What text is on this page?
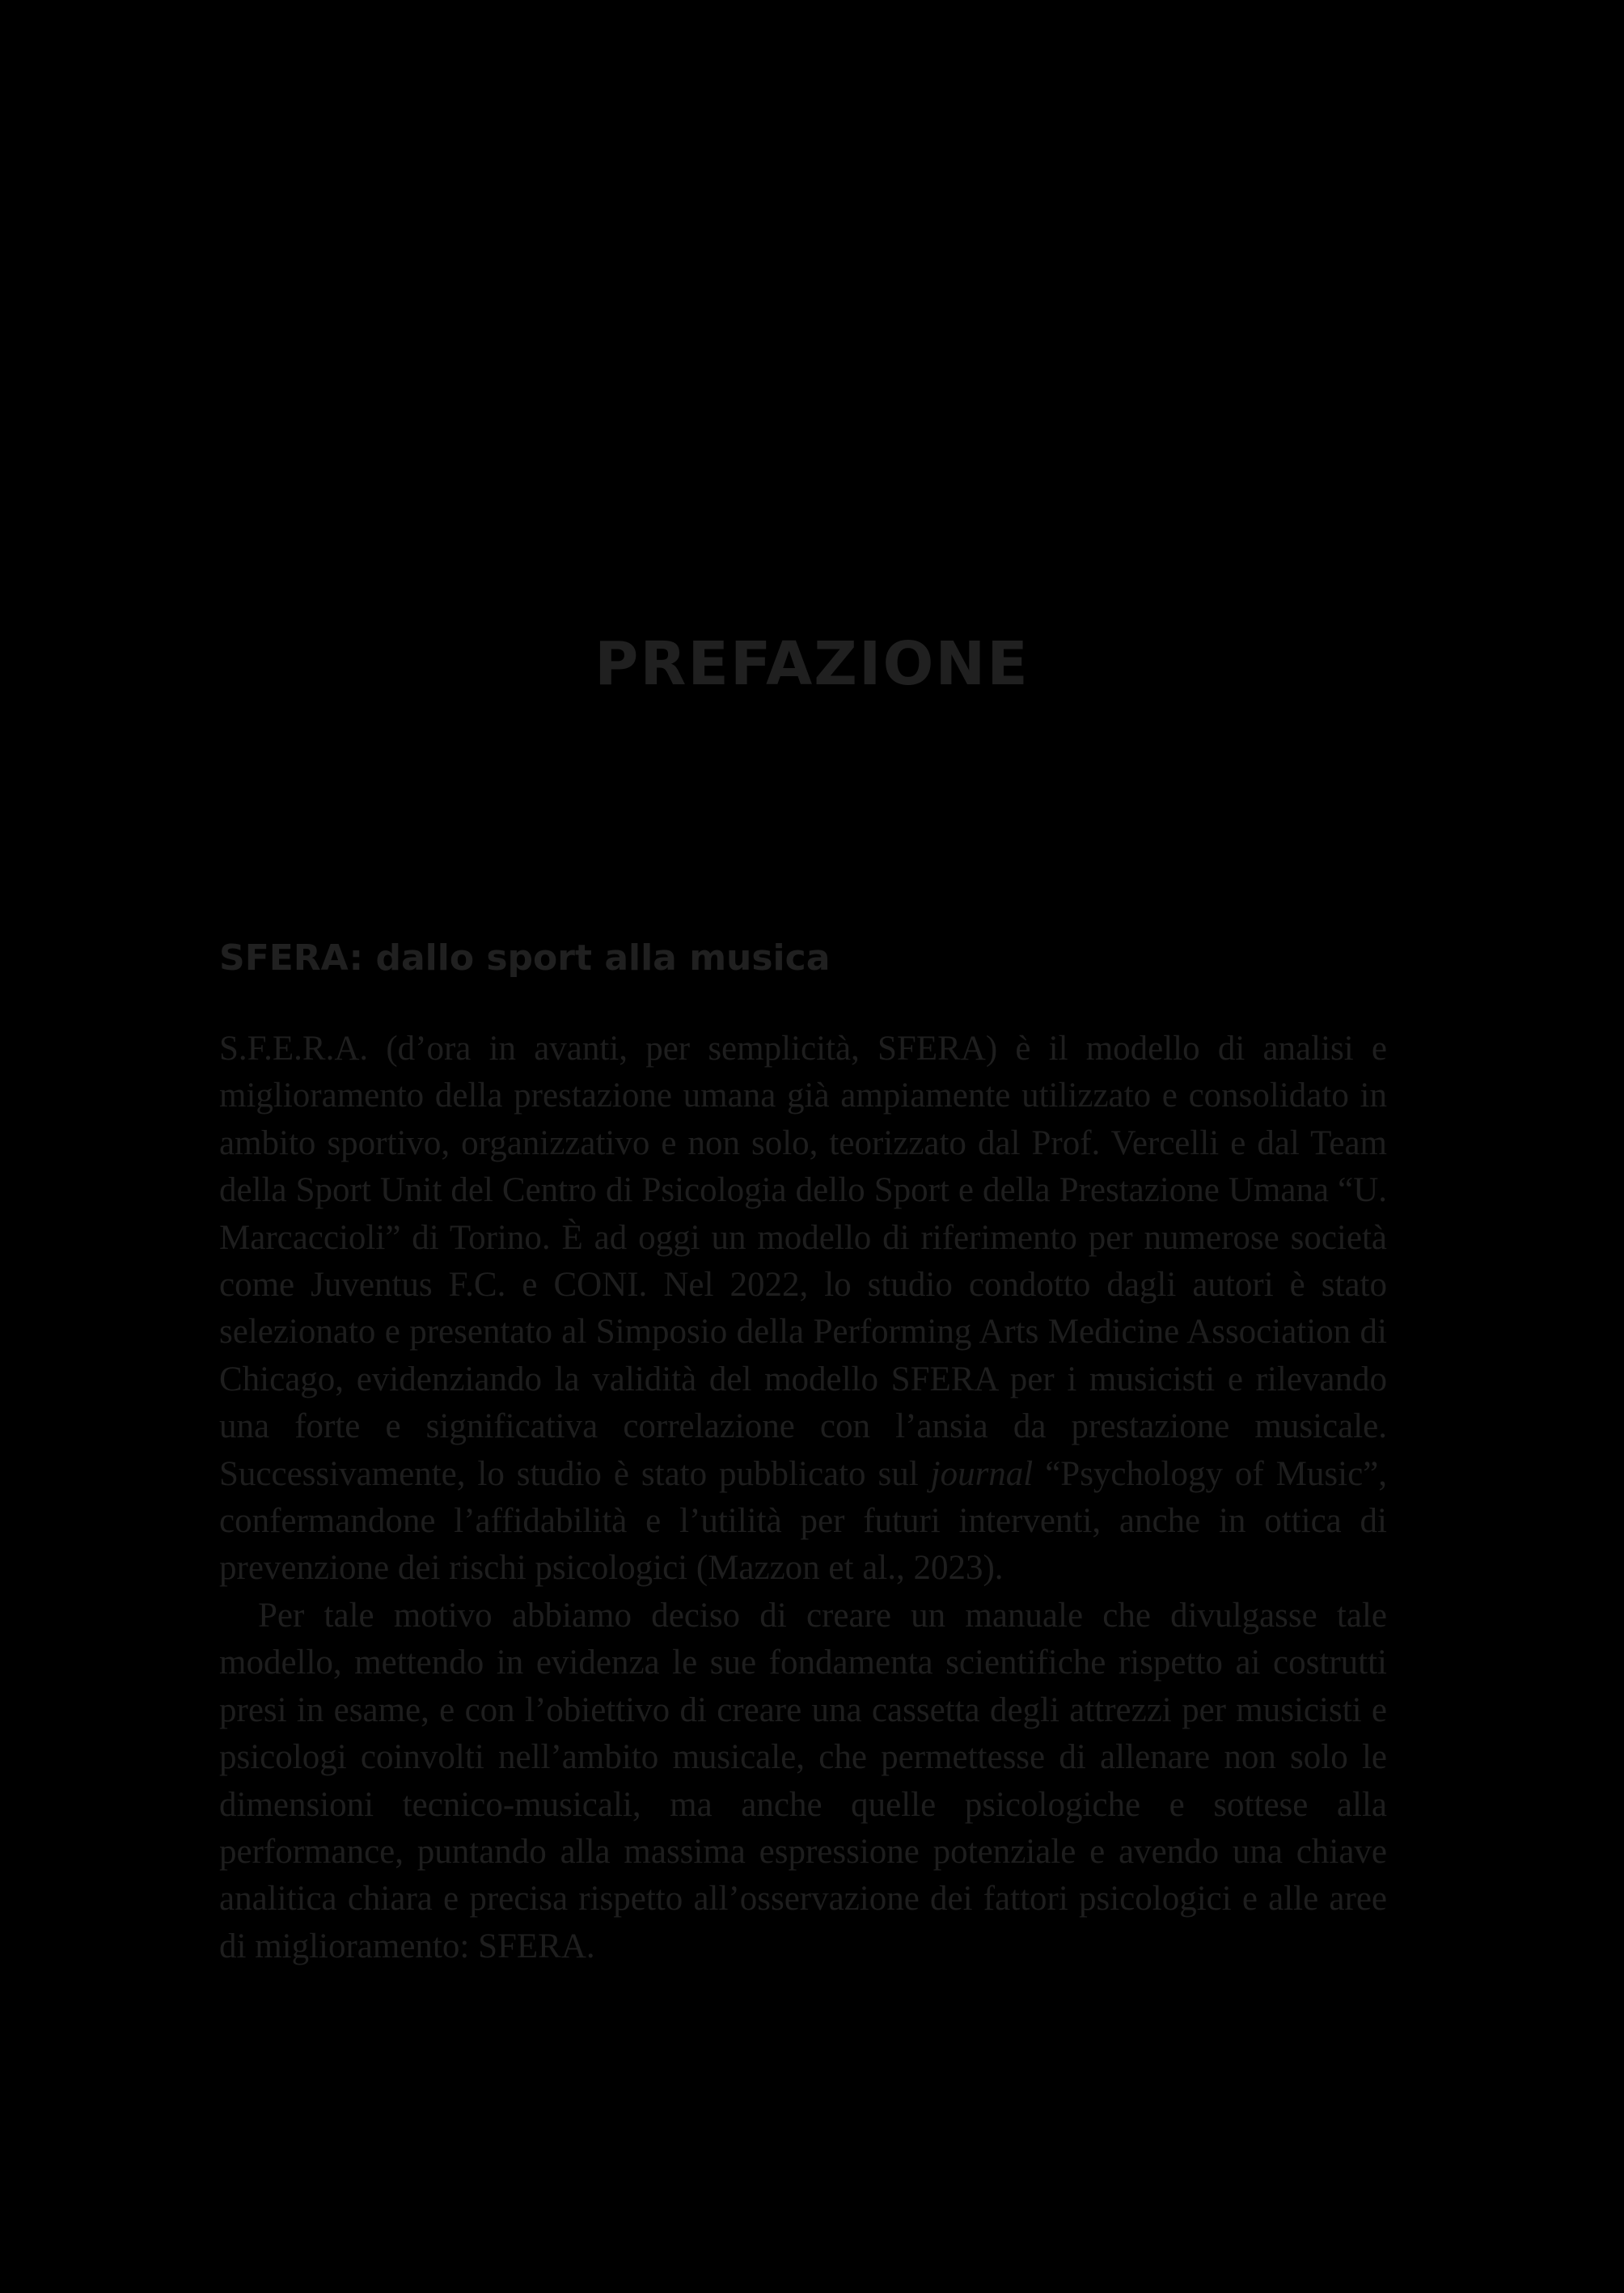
PREFAZIONE
SFERA: dallo sport alla musica

S.F.E.R.A. (d’ora in avanti, per semplicità, SFERA) è il modello di analisi e miglioramento della prestazione umana già ampiamente utilizzato e consolidato in ambito sportivo, organizzativo e non solo, teorizzato dal Prof. Vercelli e dal Team della Sport Unit del Centro di Psicologia dello Sport e della Prestazione Umana “U. Marcaccioli” di Torino. È ad oggi un modello di riferimento per numerose società come Juventus F.C. e CONI. Nel 2022, lo studio condotto dagli autori è stato selezionato e presentato al Simposio della Performing Arts Medicine Association di Chicago, evidenziando la validità del modello SFERA per i musicisti e rilevando una forte e significativa correlazione con l’ansia da prestazione musicale. Successivamente, lo studio è stato pubblicato sul journal “Psychology of Music”, confermandone l’affidabilità e l’utilità per futuri interventi, anche in ottica di prevenzione dei rischi psicologici (Mazzon et al., 2023).

Per tale motivo abbiamo deciso di creare un manuale che divulgasse tale modello, mettendo in evidenza le sue fondamenta scientifiche rispetto ai costrutti presi in esame, e con l’obiettivo di creare una cassetta degli attrezzi per musicisti e psicologi coinvolti nell’ambito musicale, che permettesse di allenare non solo le dimensioni tecnico-musicali, ma anche quelle psicologiche e sottese alla performance, puntando alla massima espressione potenziale e avendo una chiave analitica chiara e precisa rispetto all’osservazione dei fattori psicologici e alle aree di miglioramento: SFERA.
